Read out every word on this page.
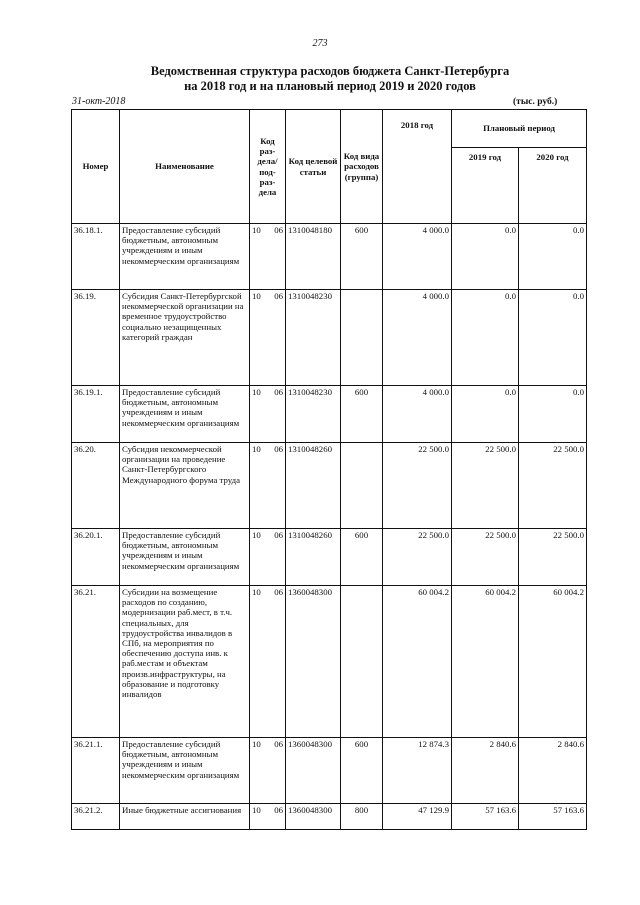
273
Ведомственная структура расходов бюджета Санкт-Петербурга
на 2018 год и на плановый период 2019 и 2020 годов
31-окт-2018	(тыс. руб.)
Номер	Наименование	Код раз- дела/ под- раз- дела	Код целевой статьи	Код вида расходов (группа)	2018 год	Плановый период	
						2019 год	2020 год
36.18.1.	Предоставление субсидий бюджетным, автономным учреждениям и иным некоммерческим организациям	10 06	1310048180	600	4 000.0	0.0	0.0
36.19.	Субсидия Санкт-Петербургской некоммерческой организации на временное трудоустройство социально незащищенных категорий граждан	10 06	1310048230		4 000.0	0.0	0.0
36.19.1.	Предоставление субсидий бюджетным, автономным учреждениям и иным некоммерческим организациям	10 06	1310048230	600	4 000.0	0.0	0.0
36.20.	Субсидия некоммерческой организации на проведение Санкт-Петербургского Международного форума труда	10 06	1310048260		22 500.0	22 500.0	22 500.0
36.20.1.	Предоставление субсидий бюджетным, автономным учреждениям и иным некоммерческим организациям	10 06	1310048260	600	22 500.0	22 500.0	22 500.0
36.21.	Субсидии на возмещение расходов по созданию, модернизации раб.мест, в т.ч. специальных, для трудоустройства инвалидов в СПб, на мероприятия по обеспечению доступа инв. к раб.местам и объектам произв.инфраструктуры, на образование и подготовку инвалидов	10 06	1360048300		60 004.2	60 004.2	60 004.2
36.21.1.	Предоставление субсидий бюджетным, автономным учреждениям и иным некоммерческим организациям	10 06	1360048300	600	12 874.3	2 840.6	2 840.6
36.21.2.	Иные бюджетные ассигнования	10 06	1360048300	800	47 129.9	57 163.6	57 163.6
